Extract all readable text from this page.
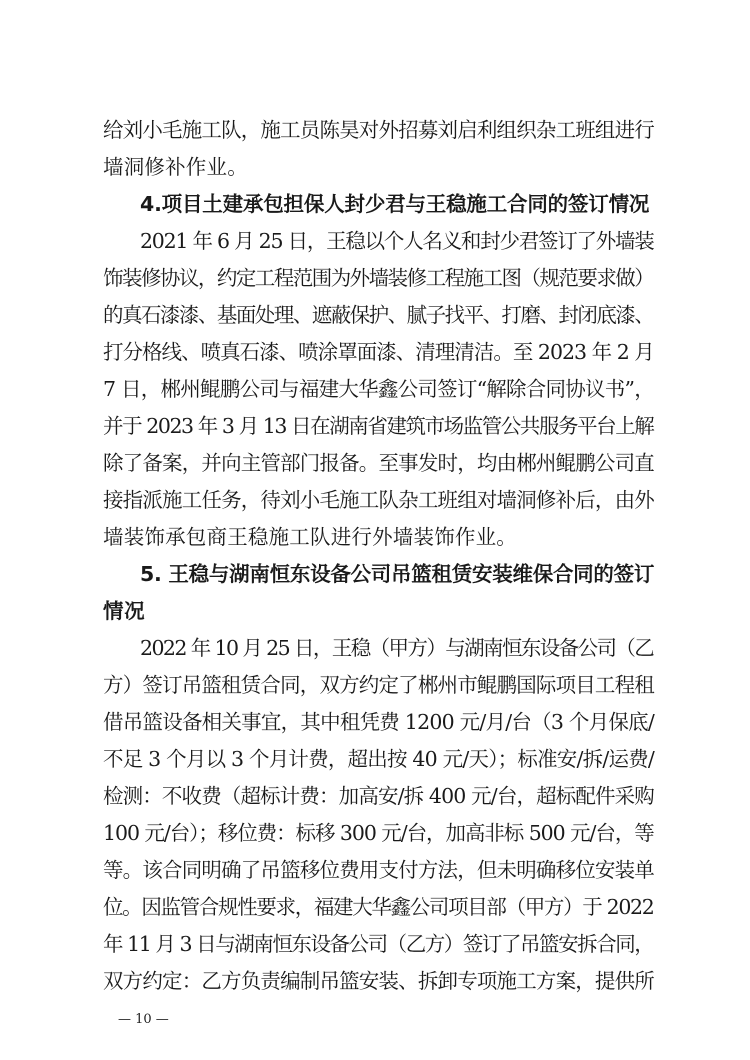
给刘小毛施工队，施工员陈昊对外招募刘启利组织杂工班组进行
墙洞修补作业。
4.项目土建承包担保人封少君与王稳施工合同的签订情况
2021 年 6 月 25 日，王稳以个人名义和封少君签订了外墙装
饰装修协议，约定工程范围为外墙装修工程施工图（规范要求做）
的真石漆漆、基面处理、遮蔽保护、腻子找平、打磨、封闭底漆、
打分格线、喷真石漆、喷涂罩面漆、清理清洁。至 2023 年 2 月
7 日，郴州鲲鹏公司与福建大华鑫公司签订“解除合同协议书”，
并于 2023 年 3 月 13 日在湖南省建筑市场监管公共服务平台上解
除了备案，并向主管部门报备。至事发时，均由郴州鲲鹏公司直
接指派施工任务，待刘小毛施工队杂工班组对墙洞修补后，由外
墙装饰承包商王稳施工队进行外墙装饰作业。
5. 王稳与湖南恒东设备公司吊篮租赁安装维保合同的签订
情况
2022 年 10 月 25 日，王稳（甲方）与湖南恒东设备公司（乙
方）签订吊篮租赁合同，双方约定了郴州市鲲鹏国际项目工程租
借吊篮设备相关事宜，其中租凭费 1200 元/月/台（3 个月保底/
不足 3 个月以 3 个月计费，超出按 40 元/天）；标准安/拆/运费/
检测：不收费（超标计费：加高安/拆 400 元/台，超标配件采购
100 元/台）；移位费：标移 300 元/台，加高非标 500 元/台，等
等。该合同明确了吊篮移位费用支付方法，但未明确移位安装单
位。因监管合规性要求，福建大华鑫公司项目部（甲方）于 2022
年 11 月 3 日与湖南恒东设备公司（乙方）签订了吊篮安拆合同，
双方约定：乙方负责编制吊篮安装、拆卸专项施工方案，提供所
— 10 —
